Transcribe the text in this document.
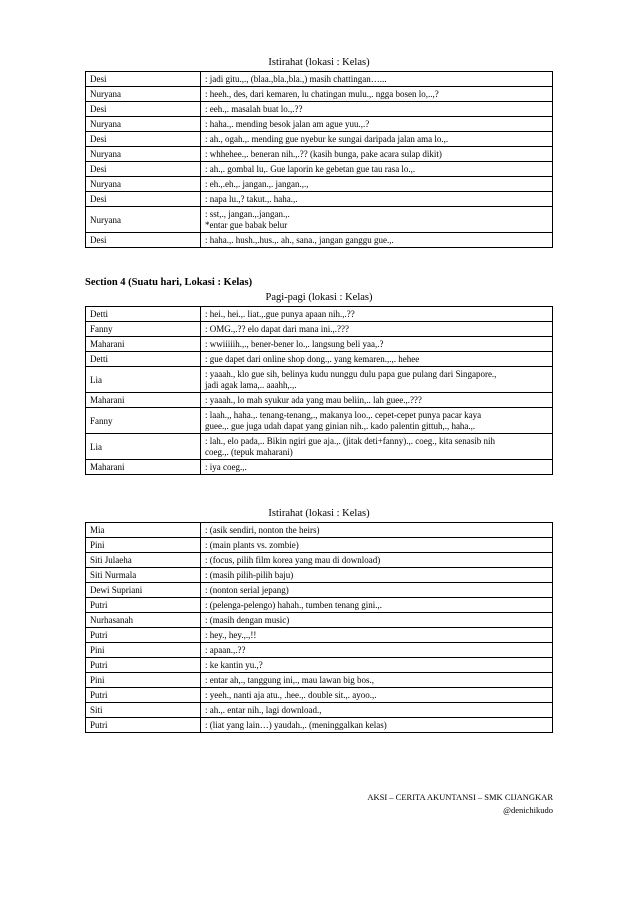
Istirahat (lokasi : Kelas)
Desi	: jadi gitu.,., (blaa.,bla.,bla.,) masih chattingan…...
Nuryana	: heeh., des, dari kemaren, lu chatingan mulu.,. ngga bosen lo,..,?
Desi	: eeh.,. masalah buat lo.,.??
Nuryana	: haha.,. mending besok jalan am ague yuu.,.?
Desi	: ah., ogah.,. mending gue nyebur ke sungai daripada jalan ama lo.,.
Nuryana	: whhehee.,. beneran nih.,.?? (kasih bunga, pake acara sulap dikit)
Desi	: ah.,. gombal lu,. Gue laporin ke gebetan gue tau rasa lo.,.
Nuryana	: eh.,.eh.,. jangan.,. jangan.,.,
Desi	: napa lu.,? takut.,. haha.,.
Nuryana	: sst,., jangan.,.jangan.,.
*entar gue babak belur
Desi	: haha.,. hush.,.hus.,. ah., sana., jangan ganggu gue.,.
Section 4 (Suatu hari, Lokasi : Kelas)
Pagi-pagi (lokasi : Kelas)
Detti	: hei., hei.,. liat.,.gue punya apaan nih.,.??
Fanny	: OMG.,.?? elo dapat dari mana ini.,.???
Maharani	: wwiiiiih.,., bener-bener lo.,. langsung beli yaa,.?
Detti	: gue dapet dari online shop dong.,. yang kemaren.,.,. hehee
Lia	: yaaah., klo gue sih, belinya kudu nunggu dulu papa gue pulang dari Singapore.,
jadi agak lama,.. aaahh,.,.
Maharani	: yaaah., lo mah syukur ada yang mau beliin,.. lah guee.,.???
Fanny	: laah.,, haha.,. tenang-tenang,., makanya loo.,. cepet-cepet punya pacar kaya
guee.,. gue juga udah dapat yang ginian nih.,. kado palentin gittuh,., haha.,.
Lia	: lah., elo pada,.. Bikin ngiri gue aja.,. (jitak deti+fanny).,. coeg., kita senasib nih
coeg.,. (tepuk maharani)
Maharani	: iya coeg.,.
Istirahat (lokasi : Kelas)
Mia	: (asik sendiri, nonton the heirs)
Pini	: (main plants vs. zombie)
Siti Julaeha	: (focus, pilih film korea yang mau di download)
Siti Nurmala	: (masih pilih-pilih baju)
Dewi Supriani	: (nonton serial jepang)
Putri	: (pelenga-pelengo) hahah., tumben tenang gini.,.
Nurhasanah	: (masih dengan music)
Putri	: hey., hey.,.,!!
Pini	: apaan.,.??
Putri	: ke kantin yu.,?
Pini	: entar ah,., tanggung ini,., mau lawan big bos.,
Putri	: yeeh., nanti aja atu., .hee.,. double sit.,. ayoo.,.
Siti	: ah.,. entar nih., lagi download.,
Putri	: (liat yang lain…) yaudah.,. (meninggalkan kelas)
AKSI – CERITA AKUNTANSI – SMK CIJANGKAR
@denichikudo
